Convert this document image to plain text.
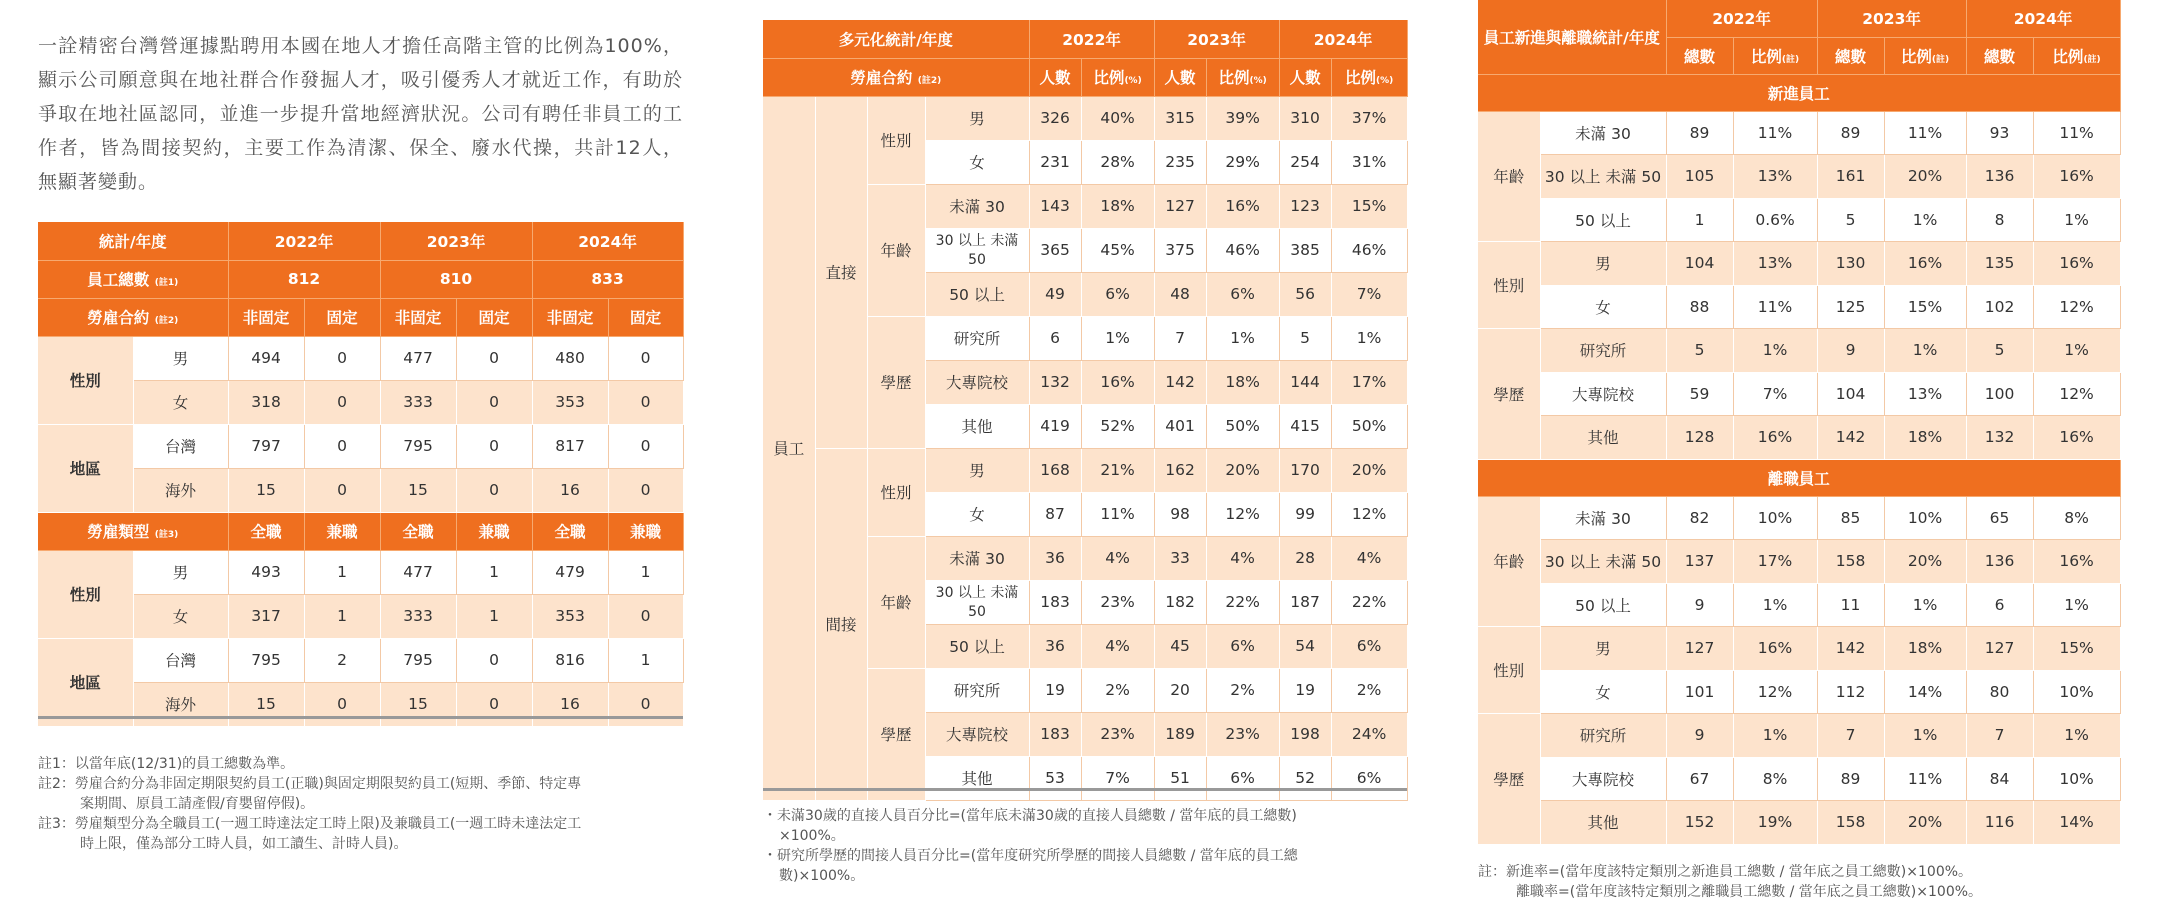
一詮精密台灣營運據點聘用本國在地人才擔任高階主管的比例為100%，顯示公司願意與在地社群合作發掘人才，吸引優秀人才就近工作，有助於爭取在地社區認同，並進一步提升當地經濟狀況。公司有聘任非員工的工作者，皆為間接契約，主要工作為清潔、保全、廢水代操，共計12人，無顯著變動。

統計/年度		2022年		2023年		2024年	
員工總數 (註1)		812		810		833	
勞雇合約 (註2)		非固定	固定	非固定	固定	非固定	固定
性別	男	494	0	477	0	480	0
	女	318	0	333	0	353	0
地區	台灣	797	0	795	0	817	0
	海外	15	0	15	0	16	0
勞雇類型 (註3)		全職	兼職	全職	兼職	全職	兼職
性別	男	493	1	477	1	479	1
	女	317	1	333	1	353	0
地區	台灣	795	2	795	0	816	1
	海外	15	0	15	0	16	0
註1：以當年底(12/31)的員工總數為準。
註2：勞雇合約分為非固定期限契約員工(正職)與固定期限契約員工(短期、季節、特定專
案期間、原員工請產假/育嬰留停假)。
註3：勞雇類型分為全職員工(一週工時達法定工時上限)及兼職員工(一週工時未達法定工
時上限，僅為部分工時人員，如工讀生、計時人員)。
多元化統計/年度				2022年		2023年		2024年	
勞雇合約 (註2)				人數	比例(%)	人數	比例(%)	人數	比例(%)
員工	直接	性別	男	326	40%	315	39%	310	37%
			女	231	28%	235	29%	254	31%
		年齡	未滿 30	143	18%	127	16%	123	15%
			30 以上 未滿 50	365	45%	375	46%	385	46%
			50 以上	49	6%	48	6%	56	7%
		學歷	研究所	6	1%	7	1%	5	1%
			大專院校	132	16%	142	18%	144	17%
			其他	419	52%	401	50%	415	50%
	間接	性別	男	168	21%	162	20%	170	20%
			女	87	11%	98	12%	99	12%
		年齡	未滿 30	36	4%	33	4%	28	4%
			30 以上 未滿 50	183	23%	182	22%	187	22%
			50 以上	36	4%	45	6%	54	6%
		學歷	研究所	19	2%	20	2%	19	2%
			大專院校	183	23%	189	23%	198	24%
			其他	53	7%	51	6%	52	6%
・未滿30歲的直接人員百分比=(當年底未滿30歲的直接人員總數 / 當年底的員工總數)
×100%。
・研究所學歷的間接人員百分比=(當年度研究所學歷的間接人員總數 / 當年底的員工總
數)×100%。
員工新進與離職統計/年度		2022年		2023年		2024年	
		總數	比例(註)	總數	比例(註)	總數	比例(註)
新進員工							
年齡	未滿 30	89	11%	89	11%	93	11%
	30 以上 未滿 50	105	13%	161	20%	136	16%
	50 以上	1	0.6%	5	1%	8	1%
性別	男	104	13%	130	16%	135	16%
	女	88	11%	125	15%	102	12%
學歷	研究所	5	1%	9	1%	5	1%
	大專院校	59	7%	104	13%	100	12%
	其他	128	16%	142	18%	132	16%
離職員工							
年齡	未滿 30	82	10%	85	10%	65	8%
	30 以上 未滿 50	137	17%	158	20%	136	16%
	50 以上	9	1%	11	1%	6	1%
性別	男	127	16%	142	18%	127	15%
	女	101	12%	112	14%	80	10%
學歷	研究所	9	1%	7	1%	7	1%
	大專院校	67	8%	89	11%	84	10%
	其他	152	19%	158	20%	116	14%
註：新進率=(當年度該特定類別之新進員工總數 / 當年底之員工總數)×100%。
離職率=(當年度該特定類別之離職員工總數 / 當年底之員工總數)×100%。
